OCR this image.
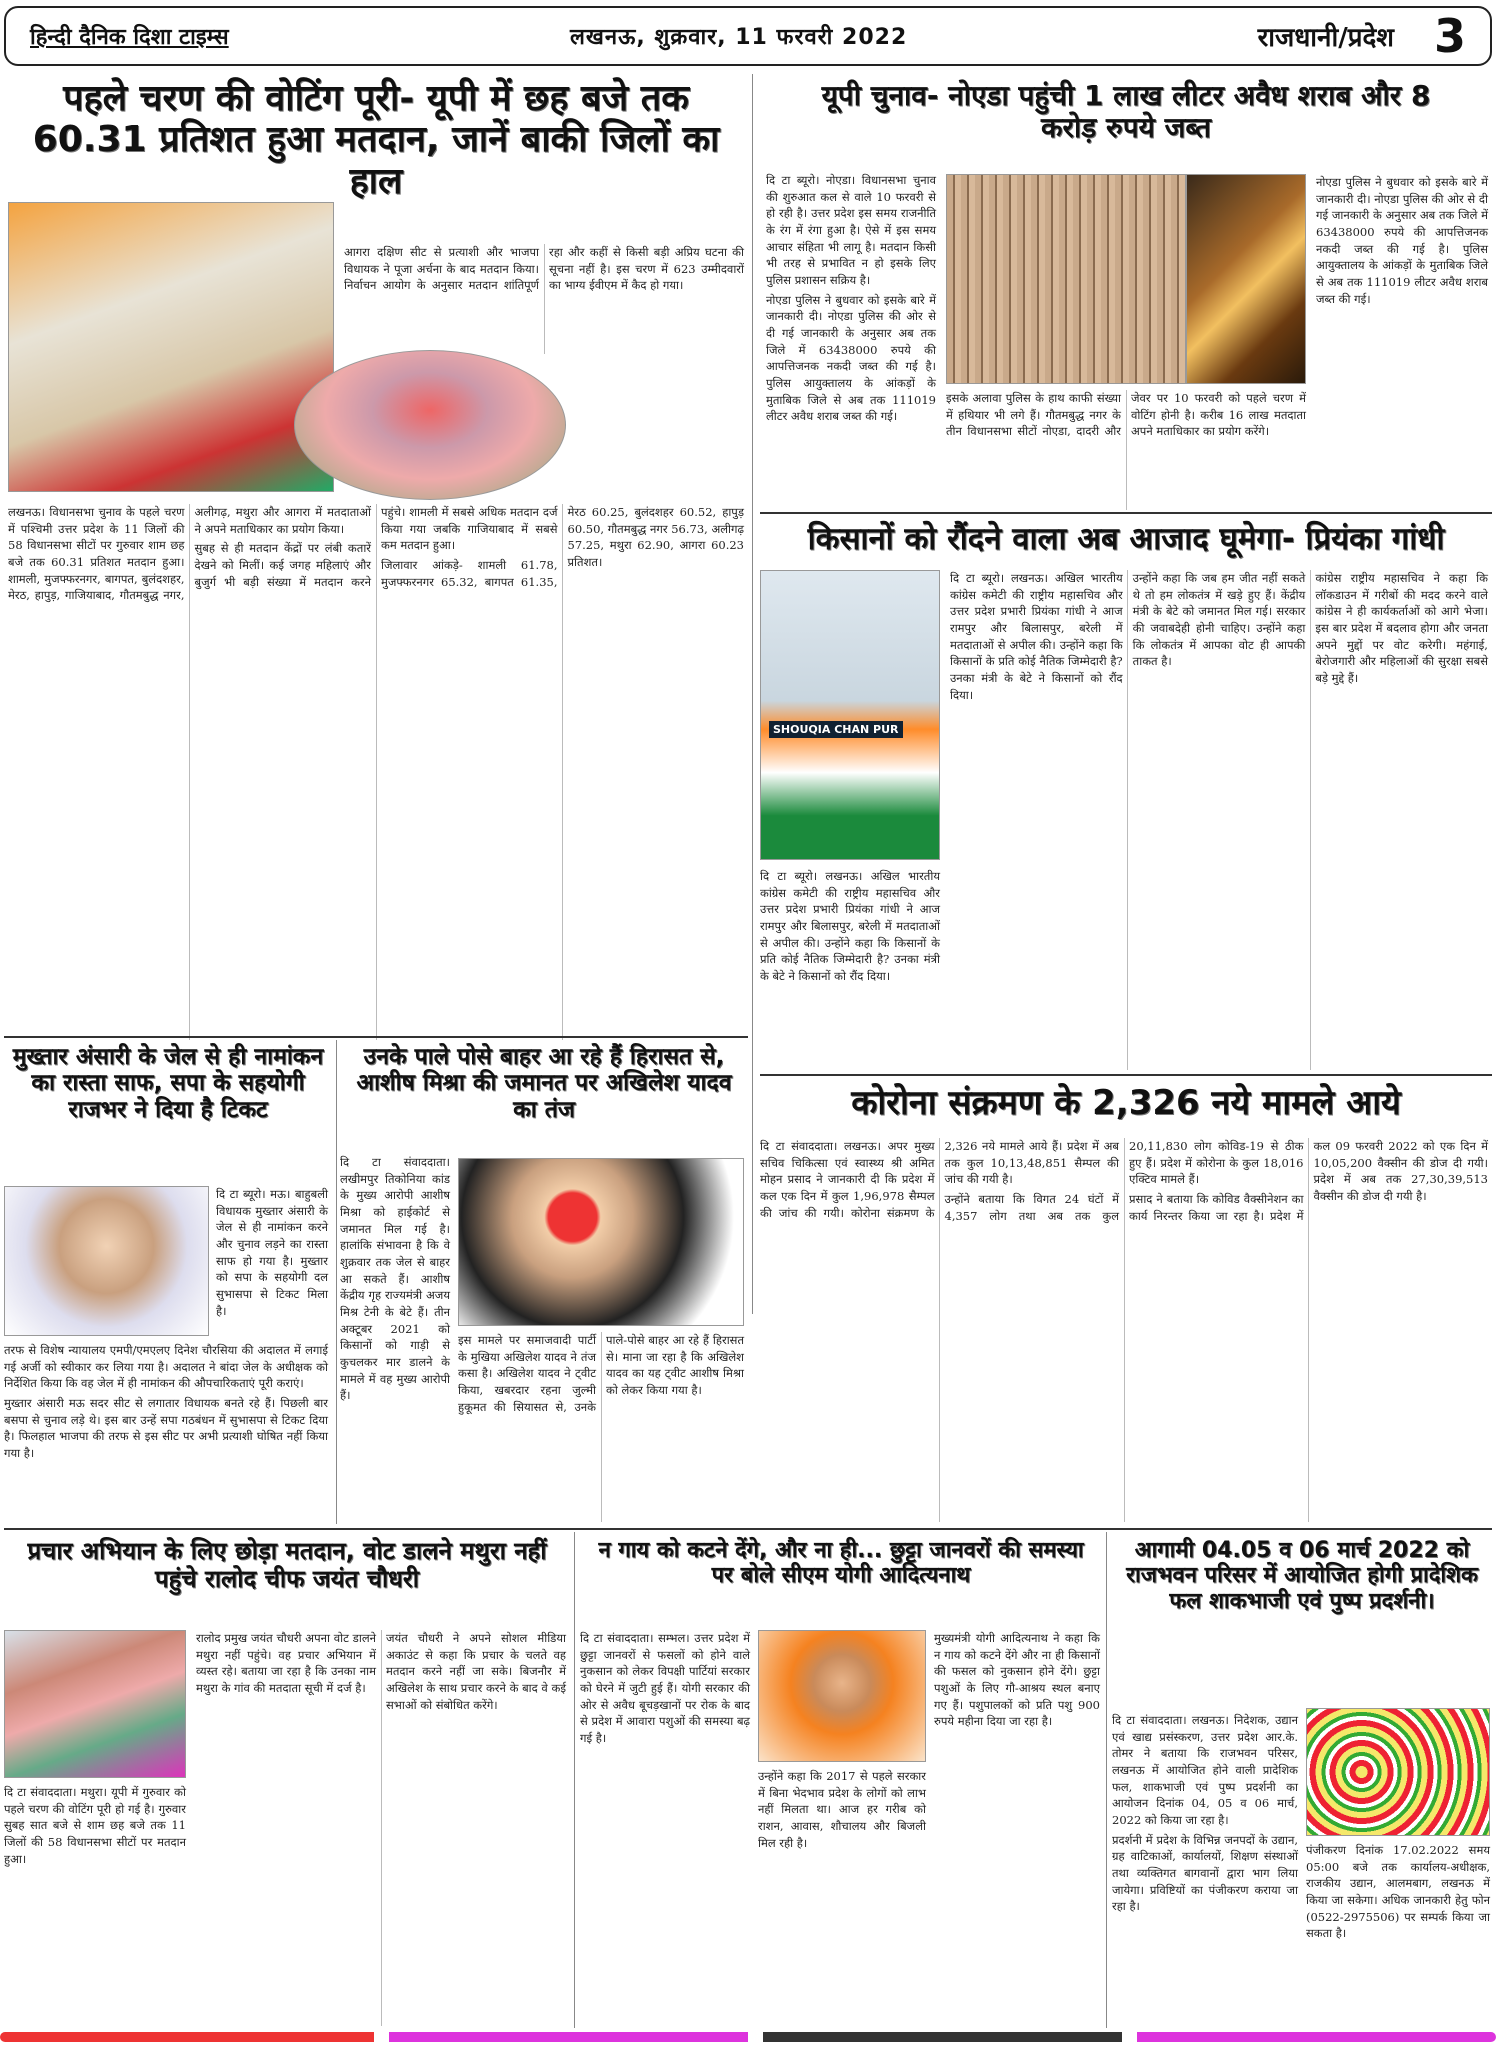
हिन्दी दैनिक दिशा टाइम्स	लखनऊ, शुक्रवार, 11 फरवरी 2022	राजधानी/प्रदेश 3
पहले चरण की वोटिंग पूरी- यूपी में छह बजे तक 60.31 प्रतिशत हुआ मतदान, जानें बाकी जिलों का हाल

आगरा दक्षिण सीट से प्रत्याशी और भाजपा विधायक ने पूजा अर्चना के बाद मतदान किया। निर्वाचन आयोग के अनुसार मतदान शांतिपूर्ण रहा और कहीं से किसी बड़ी अप्रिय घटना की सूचना नहीं है। इस चरण में 623 उम्मीदवारों का भाग्य ईवीएम में कैद हो गया।

लखनऊ। विधानसभा चुनाव के पहले चरण में पश्चिमी उत्तर प्रदेश के 11 जिलों की 58 विधानसभा सीटों पर गुरुवार शाम छह बजे तक 60.31 प्रतिशत मतदान हुआ। शामली, मुजफ्फरनगर, बागपत, बुलंदशहर, मेरठ, हापुड़, गाजियाबाद, गौतमबुद्ध नगर, अलीगढ़, मथुरा और आगरा में मतदाताओं ने अपने मताधिकार का प्रयोग किया।

सुबह से ही मतदान केंद्रों पर लंबी कतारें देखने को मिलीं। कई जगह महिलाएं और बुजुर्ग भी बड़ी संख्या में मतदान करने पहुंचे। शामली में सबसे अधिक मतदान दर्ज किया गया जबकि गाजियाबाद में सबसे कम मतदान हुआ।

जिलावार आंकड़े- शामली 61.78, मुजफ्फरनगर 65.32, बागपत 61.35, मेरठ 60.25, बुलंदशहर 60.52, हापुड़ 60.50, गौतमबुद्ध नगर 56.73, अलीगढ़ 57.25, मथुरा 62.90, आगरा 60.23 प्रतिशत।

यूपी चुनाव- नोएडा पहुंची 1 लाख लीटर अवैध शराब और 8 करोड़ रुपये जब्त

दि टा ब्यूरो। नोएडा। विधानसभा चुनाव की शुरुआत कल से वाले 10 फरवरी से हो रही है। उत्तर प्रदेश इस समय राजनीति के रंग में रंगा हुआ है। ऐसे में इस समय आचार संहिता भी लागू है। मतदान किसी भी तरह से प्रभावित न हो इसके लिए पुलिस प्रशासन सक्रिय है।

नोएडा पुलिस ने बुधवार को इसके बारे में जानकारी दी। नोएडा पुलिस की ओर से दी गई जानकारी के अनुसार अब तक जिले में 63438000 रुपये की आपत्तिजनक नकदी जब्त की गई है। पुलिस आयुक्तालय के आंकड़ों के मुताबिक जिले से अब तक 111019 लीटर अवैध शराब जब्त की गई।

इसके अलावा पुलिस के हाथ काफी संख्या में हथियार भी लगे हैं। गौतमबुद्ध नगर के तीन विधानसभा सीटों नोएडा, दादरी और जेवर पर 10 फरवरी को पहले चरण में वोटिंग होनी है। करीब 16 लाख मतदाता अपने मताधिकार का प्रयोग करेंगे।

नोएडा पुलिस ने बुधवार को इसके बारे में जानकारी दी। नोएडा पुलिस की ओर से दी गई जानकारी के अनुसार अब तक जिले में 63438000 रुपये की आपत्तिजनक नकदी जब्त की गई है। पुलिस आयुक्तालय के आंकड़ों के मुताबिक जिले से अब तक 111019 लीटर अवैध शराब जब्त की गई।

किसानों को रौंदने वाला अब आजाद घूमेगा- प्रियंका गांधी
SHOUQIA CHAN PUR

दि टा ब्यूरो। लखनऊ। अखिल भारतीय कांग्रेस कमेटी की राष्ट्रीय महासचिव और उत्तर प्रदेश प्रभारी प्रियंका गांधी ने आज रामपुर और बिलासपुर, बरेली में मतदाताओं से अपील की। उन्होंने कहा कि किसानों के प्रति कोई नैतिक जिम्मेदारी है? उनका मंत्री के बेटे ने किसानों को रौंद दिया।

दि टा ब्यूरो। लखनऊ। अखिल भारतीय कांग्रेस कमेटी की राष्ट्रीय महासचिव और उत्तर प्रदेश प्रभारी प्रियंका गांधी ने आज रामपुर और बिलासपुर, बरेली में मतदाताओं से अपील की। उन्होंने कहा कि किसानों के प्रति कोई नैतिक जिम्मेदारी है? उनका मंत्री के बेटे ने किसानों को रौंद दिया।

उन्होंने कहा कि जब हम जीत नहीं सकते थे तो हम लोकतंत्र में खड़े हुए हैं। केंद्रीय मंत्री के बेटे को जमानत मिल गई। सरकार की जवाबदेही होनी चाहिए। उन्होंने कहा कि लोकतंत्र में आपका वोट ही आपकी ताकत है।

कांग्रेस राष्ट्रीय महासचिव ने कहा कि लॉकडाउन में गरीबों की मदद करने वाले कांग्रेस ने ही कार्यकर्ताओं को आगे भेजा। इस बार प्रदेश में बदलाव होगा और जनता अपने मुद्दों पर वोट करेगी। महंगाई, बेरोजगारी और महिलाओं की सुरक्षा सबसे बड़े मुद्दे हैं।

मुख्तार अंसारी के जेल से ही नामांकन का रास्ता साफ, सपा के सहयोगी राजभर ने दिया है टिकट

दि टा ब्यूरो। मऊ। बाहुबली विधायक मुख्तार अंसारी के जेल से ही नामांकन करने और चुनाव लड़ने का रास्ता साफ हो गया है। मुख्तार को सपा के सहयोगी दल सुभासपा से टिकट मिला है।

तरफ से विशेष न्यायालय एमपी/एमएलए दिनेश चौरसिया की अदालत में लगाई गई अर्जी को स्वीकार कर लिया गया है। अदालत ने बांदा जेल के अधीक्षक को निर्देशित किया कि वह जेल में ही नामांकन की औपचारिकताएं पूरी कराएं।

मुख्तार अंसारी मऊ सदर सीट से लगातार विधायक बनते रहे हैं। पिछली बार बसपा से चुनाव लड़े थे। इस बार उन्हें सपा गठबंधन में सुभासपा से टिकट दिया है। फिलहाल भाजपा की तरफ से इस सीट पर अभी प्रत्याशी घोषित नहीं किया गया है।

उनके पाले पोसे बाहर आ रहे हैं हिरासत से, आशीष मिश्रा की जमानत पर अखिलेश यादव का तंज

दि टा संवाददाता। लखीमपुर तिकोनिया कांड के मुख्य आरोपी आशीष मिश्रा को हाईकोर्ट से जमानत मिल गई है। हालांकि संभावना है कि वे शुक्रवार तक जेल से बाहर आ सकते हैं। आशीष केंद्रीय गृह राज्यमंत्री अजय मिश्र टेनी के बेटे हैं। तीन अक्टूबर 2021 को किसानों को गाड़ी से कुचलकर मार डालने के मामले में वह मुख्य आरोपी हैं।

इस मामले पर समाजवादी पार्टी के मुखिया अखिलेश यादव ने तंज कसा है। अखिलेश यादव ने ट्वीट किया, खबरदार रहना जुल्मी हुकूमत की सियासत से, उनके पाले-पोसे बाहर आ रहे हैं हिरासत से। माना जा रहा है कि अखिलेश यादव का यह ट्वीट आशीष मिश्रा को लेकर किया गया है।

कोरोना संक्रमण के 2,326 नये मामले आये

दि टा संवाददाता। लखनऊ। अपर मुख्य सचिव चिकित्सा एवं स्वास्थ्य श्री अमित मोहन प्रसाद ने जानकारी दी कि प्रदेश में कल एक दिन में कुल 1,96,978 सैम्पल की जांच की गयी। कोरोना संक्रमण के 2,326 नये मामले आये हैं। प्रदेश में अब तक कुल 10,13,48,851 सैम्पल की जांच की गयी है।

उन्होंने बताया कि विगत 24 घंटों में 4,357 लोग तथा अब तक कुल 20,11,830 लोग कोविड-19 से ठीक हुए हैं। प्रदेश में कोरोना के कुल 18,016 एक्टिव मामले हैं।

प्रसाद ने बताया कि कोविड वैक्सीनेशन का कार्य निरन्तर किया जा रहा है। प्रदेश में कल 09 फरवरी 2022 को एक दिन में 10,05,200 वैक्सीन की डोज दी गयी। प्रदेश में अब तक 27,30,39,513 वैक्सीन की डोज दी गयी है।

प्रचार अभियान के लिए छोड़ा मतदान, वोट डालने मथुरा नहीं पहुंचे रालोद चीफ जयंत चौधरी

दि टा संवाददाता। मथुरा। यूपी में गुरुवार को पहले चरण की वोटिंग पूरी हो गई है। गुरुवार सुबह सात बजे से शाम छह बजे तक 11 जिलों की 58 विधानसभा सीटों पर मतदान हुआ।

रालोद प्रमुख जयंत चौधरी अपना वोट डालने मथुरा नहीं पहुंचे। वह प्रचार अभियान में व्यस्त रहे। बताया जा रहा है कि उनका नाम मथुरा के गांव की मतदाता सूची में दर्ज है।

जयंत चौधरी ने अपने सोशल मीडिया अकाउंट से कहा कि प्रचार के चलते वह मतदान करने नहीं जा सके। बिजनौर में अखिलेश के साथ प्रचार करने के बाद वे कई सभाओं को संबोधित करेंगे।

न गाय को कटने देंगे, और ना ही... छुट्टा जानवरों की समस्या पर बोले सीएम योगी आदित्यनाथ

दि टा संवाददाता। सम्भल। उत्तर प्रदेश में छुट्टा जानवरों से फसलों को होने वाले नुकसान को लेकर विपक्षी पार्टियां सरकार को घेरने में जुटी हुई हैं। योगी सरकार की ओर से अवैध बूचड़खानों पर रोक के बाद से प्रदेश में आवारा पशुओं की समस्या बढ़ गई है।

उन्होंने कहा कि 2017 से पहले सरकार में बिना भेदभाव प्रदेश के लोगों को लाभ नहीं मिलता था। आज हर गरीब को राशन, आवास, शौचालय और बिजली मिल रही है।

मुख्यमंत्री योगी आदित्यनाथ ने कहा कि न गाय को कटने देंगे और ना ही किसानों की फसल को नुकसान होने देंगे। छुट्टा पशुओं के लिए गौ-आश्रय स्थल बनाए गए हैं। पशुपालकों को प्रति पशु 900 रुपये महीना दिया जा रहा है।

आगामी 04.05 व 06 मार्च 2022 को राजभवन परिसर में आयोजित होगी प्रादेशिक फल शाकभाजी एवं पुष्प प्रदर्शनी।

दि टा संवाददाता। लखनऊ। निदेशक, उद्यान एवं खाद्य प्रसंस्करण, उत्तर प्रदेश आर.के. तोमर ने बताया कि राजभवन परिसर, लखनऊ में आयोजित होने वाली प्रादेशिक फल, शाकभाजी एवं पुष्प प्रदर्शनी का आयोजन दिनांक 04, 05 व 06 मार्च, 2022 को किया जा रहा है।

प्रदर्शनी में प्रदेश के विभिन्न जनपदों के उद्यान, ग्रह वाटिकाओं, कार्यालयों, शिक्षण संस्थाओं तथा व्यक्तिगत बागवानों द्वारा भाग लिया जायेगा। प्रविष्टियों का पंजीकरण कराया जा रहा है।

पंजीकरण दिनांक 17.02.2022 समय 05:00 बजे तक कार्यालय-अधीक्षक, राजकीय उद्यान, आलमबाग, लखनऊ में किया जा सकेगा। अधिक जानकारी हेतु फोन (0522-2975506) पर सम्पर्क किया जा सकता है।
